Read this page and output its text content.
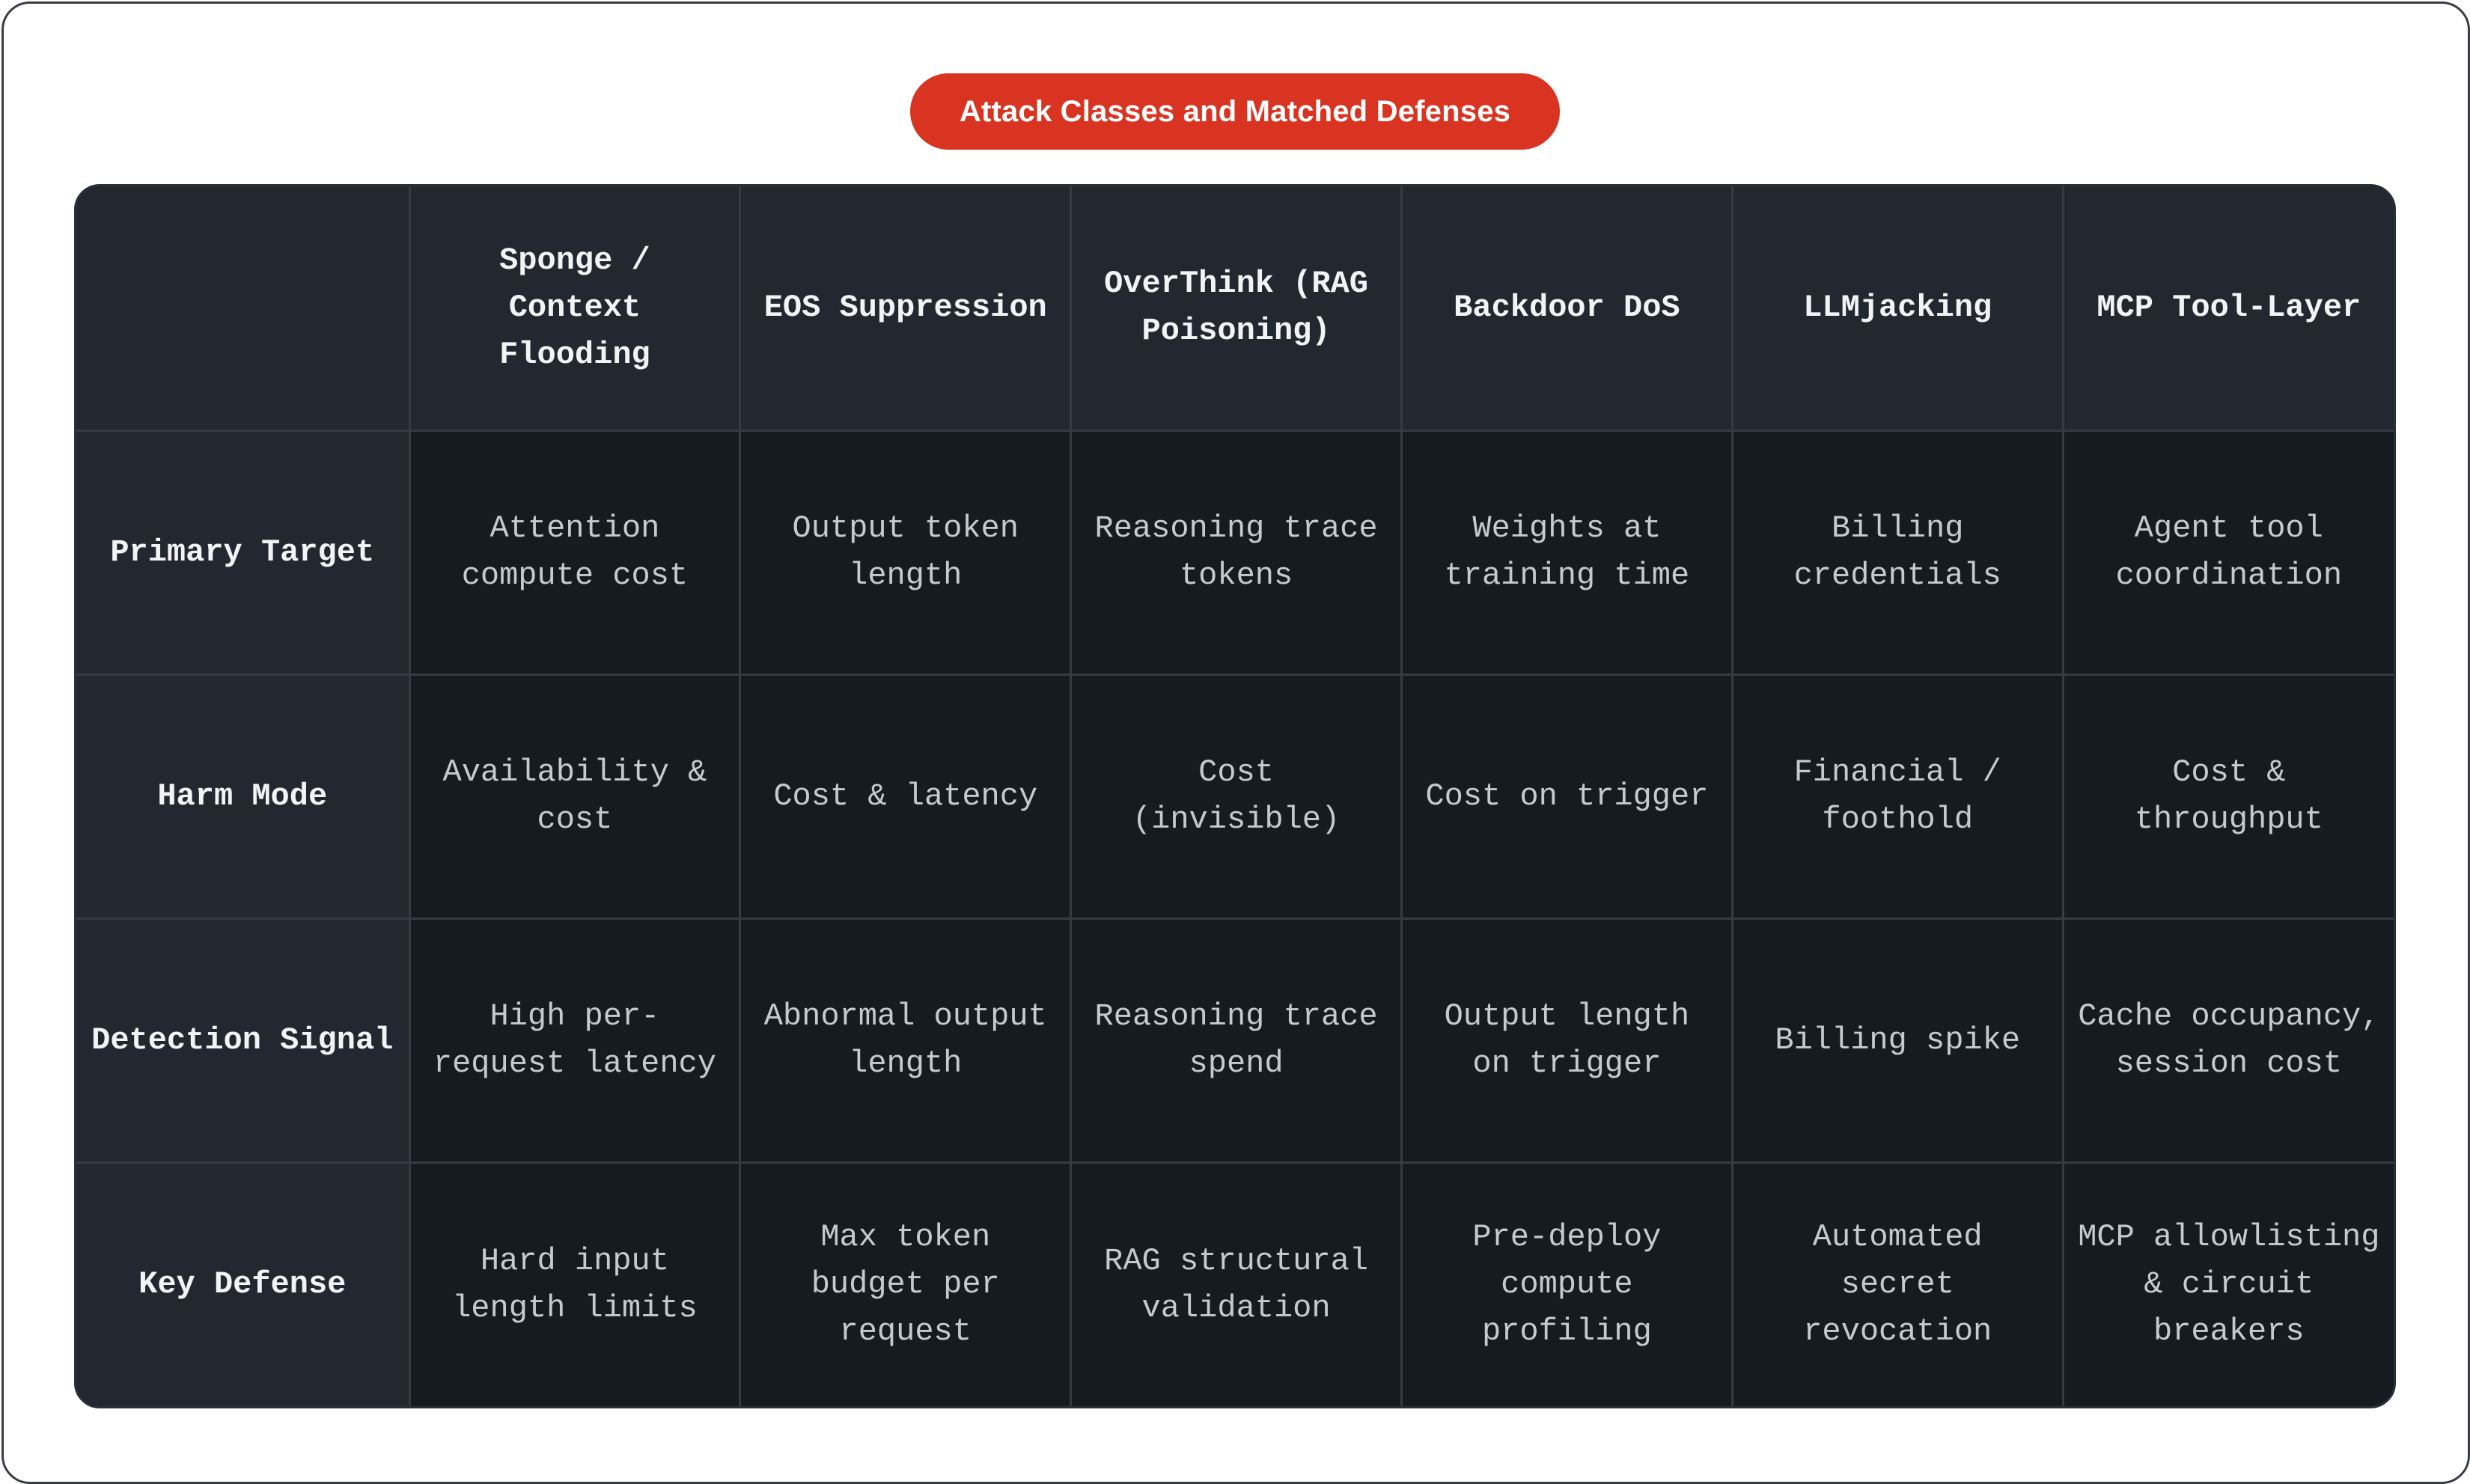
Attack Classes and Matched Defenses
	Sponge / Context Flooding	EOS Suppression	OverThink (RAG Poisoning)	Backdoor DoS	LLMjacking	MCP Tool-Layer
Primary Target	Attention compute cost	Output token length	Reasoning trace tokens	Weights at training time	Billing credentials	Agent tool coordination
Harm Mode	Availability & cost	Cost & latency	Cost (invisible)	Cost on trigger	Financial / foothold	Cost & throughput
Detection Signal	High per-request latency	Abnormal output length	Reasoning trace spend	Output length on trigger	Billing spike	Cache occupancy, session cost
Key Defense	Hard input length limits	Max token budget per request	RAG structural validation	Pre-deploy compute profiling	Automated secret revocation	MCP allowlisting & circuit breakers
